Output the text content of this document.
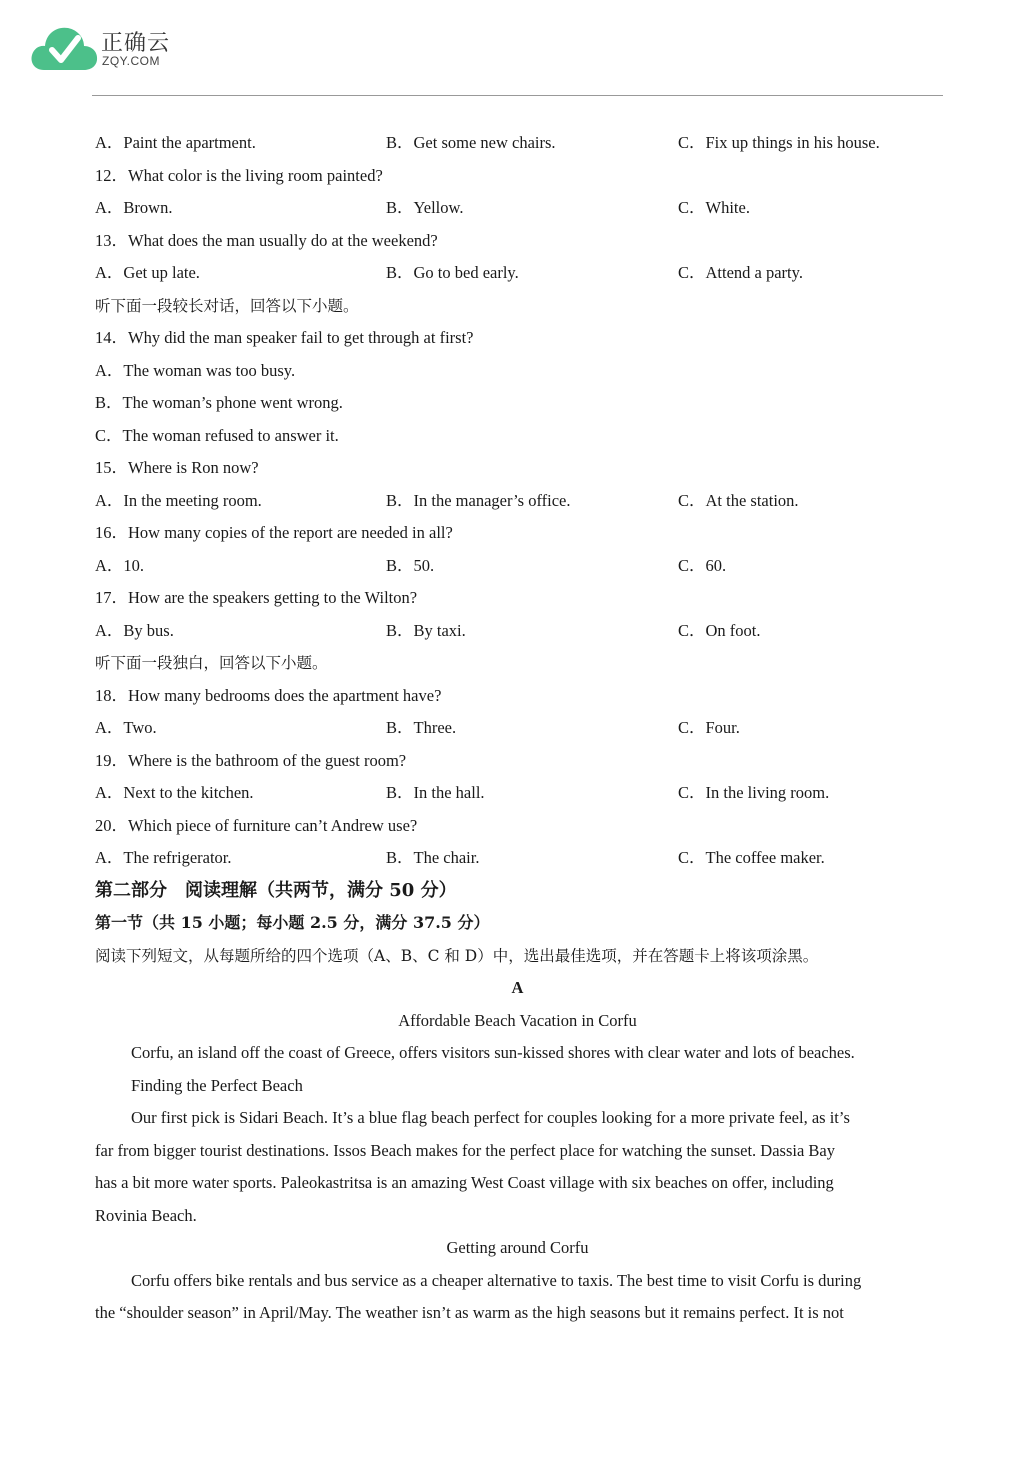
正确云
ZQY.COM
A．Paint the apartment.	B．Get some new chairs.	C．Fix up things in his house.
12．What color is the living room painted?
A．Brown.	B．Yellow.	C．White.
13．What does the man usually do at the weekend?
A．Get up late.	B．Go to bed early.	C．Attend a party.
听下面一段较长对话，回答以下小题。
14．Why did the man speaker fail to get through at first?
A．The woman was too busy.
B．The woman’s phone went wrong.
C．The woman refused to answer it.
15．Where is Ron now?
A．In the meeting room.	B．In the manager’s office.	C．At the station.
16．How many copies of the report are needed in all?
A．10.	B．50.	C．60.
17．How are the speakers getting to the Wilton?
A．By bus.	B．By taxi.	C．On foot.
听下面一段独白，回答以下小题。
18．How many bedrooms does the apartment have?
A．Two.	B．Three.	C．Four.
19．Where is the bathroom of the guest room?
A．Next to the kitchen.	B．In the hall.	C．In the living room.
20．Which piece of furniture can’t Andrew use?
A．The refrigerator.	B．The chair.	C．The coffee maker.
第二部分　阅读理解（共两节，满分 50 分）
第一节（共 15 小题；每小题 2.5 分，满分 37.5 分）
阅读下列短文，从每题所给的四个选项（A、B、C 和 D）中，选出最佳选项，并在答题卡上将该项涂黑。
A
Affordable Beach Vacation in Corfu
Corfu, an island off the coast of Greece, offers visitors sun-kissed shores with clear water and lots of beaches.
Finding the Perfect Beach
Our first pick is Sidari Beach. It’s a blue flag beach perfect for couples looking for a more private feel, as it’s
far from bigger tourist destinations. Issos Beach makes for the perfect place for watching the sunset. Dassia Bay
has a bit more water sports. Paleokastritsa is an amazing West Coast village with six beaches on offer, including
Rovinia Beach.
Getting around Corfu
Corfu offers bike rentals and bus service as a cheaper alternative to taxis. The best time to visit Corfu is during
the “shoulder season” in April/May. The weather isn’t as warm as the high seasons but it remains perfect. It is not
